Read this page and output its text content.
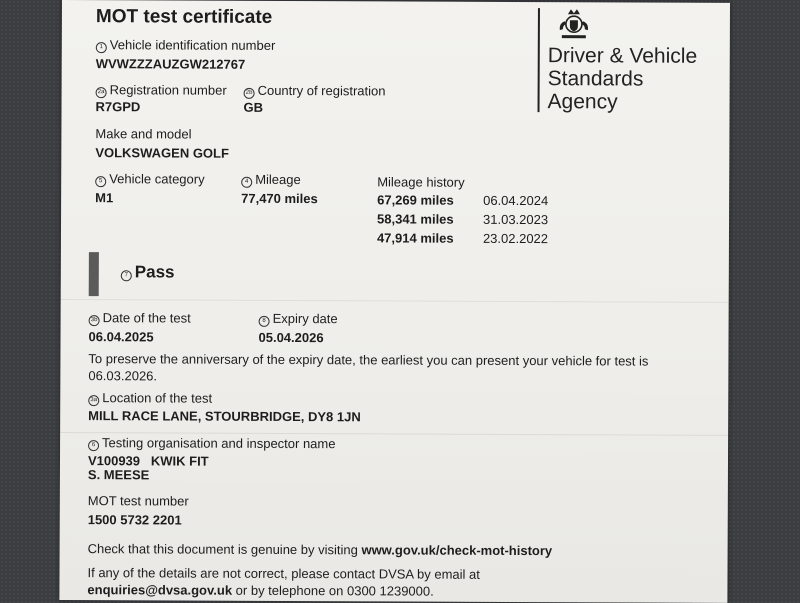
MOT test certificate
Driver & Vehicle
Standards
Agency
1 Vehicle identification number
WVWZZZAUZGW212767
2a Registration number
R7GPD
2b Country of registration
GB
Make and model
VOLKSWAGEN GOLF
5 Vehicle category
M1
4 Mileage
77,470 miles
Mileage history
67,269 miles 06.04.2024
58,341 miles 31.03.2023
47,914 miles 23.02.2022
7 Pass
3b Date of the test
06.04.2025
8 Expiry date
05.04.2026
To preserve the anniversary of the expiry date, the earliest you can present your vehicle for test is
06.03.2026.
3a Location of the test
MILL RACE LANE, STOURBRIDGE, DY8 1JN
6 Testing organisation and inspector name
V100939   KWIK FIT
S. MEESE
MOT test number
1500 5732 2201
Check that this document is genuine by visiting www.gov.uk/check-mot-history
If any of the details are not correct, please contact DVSA by email at
enquiries@dvsa.gov.uk or by telephone on 0300 1239000.
